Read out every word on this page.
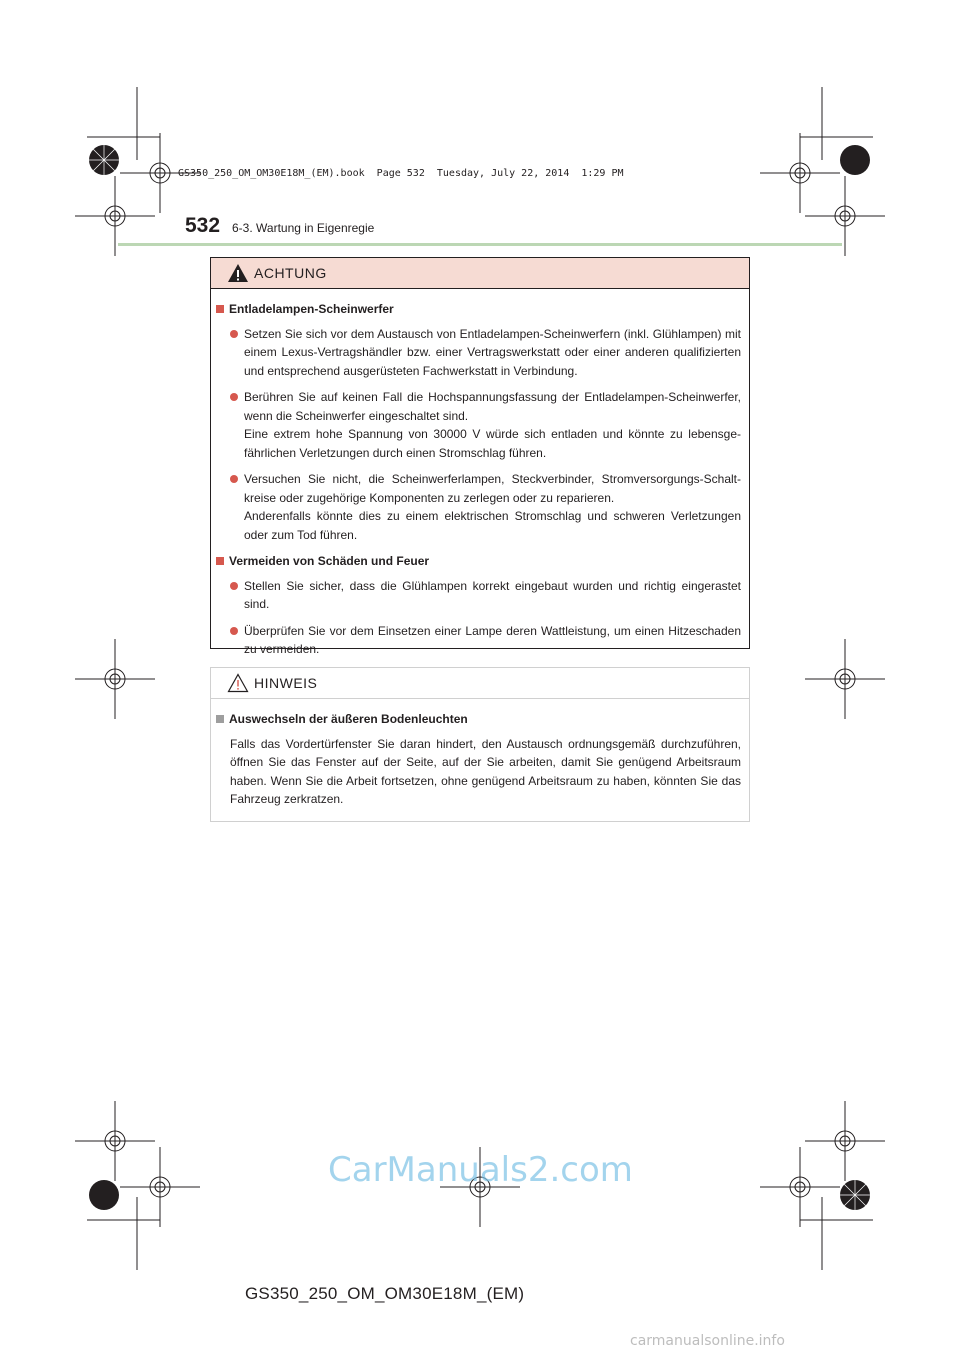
GS350_250_OM_OM30E18M_(EM).book  Page 532  Tuesday, July 22, 2014  1:29 PM
532 6-3. Wartung in Eigenregie
ACHTUNG
Entladelampen-Scheinwerfer
Setzen Sie sich vor dem Austausch von Entladelampen-Scheinwerfern (inkl. Glühlampen) mit einem Lexus-Vertragshändler bzw. einer Vertragswerkstatt oder einer anderen qualifizierten und entsprechend ausgerüsteten Fachwerkstatt in Verbindung.
Berühren Sie auf keinen Fall die Hochspannungsfassung der Entladelampen-Scheinwerfer, wenn die Scheinwerfer eingeschaltet sind.
Eine extrem hohe Spannung von 30000 V würde sich entladen und könnte zu lebensgefährlichen Verletzungen durch einen Stromschlag führen.
Versuchen Sie nicht, die Scheinwerferlampen, Steckverbinder, Stromversorgungs-Schaltkreise oder zugehörige Komponenten zu zerlegen oder zu reparieren.
Anderenfalls könnte dies zu einem elektrischen Stromschlag und schweren Verletzungen oder zum Tod führen.
Vermeiden von Schäden und Feuer
Stellen Sie sicher, dass die Glühlampen korrekt eingebaut wurden und richtig eingerastet sind.
Überprüfen Sie vor dem Einsetzen einer Lampe deren Wattleistung, um einen Hitzeschaden zu vermeiden.
HINWEIS
Auswechseln der äußeren Bodenleuchten
Falls das Vordertürfenster Sie daran hindert, den Austausch ordnungsgemäß durchzuführen, öffnen Sie das Fenster auf der Seite, auf der Sie arbeiten, damit Sie genügend Arbeitsraum haben. Wenn Sie die Arbeit fortsetzen, ohne genügend Arbeitsraum zu haben, könnten Sie das Fahrzeug zerkratzen.
CarManuals2.com
GS350_250_OM_OM30E18M_(EM)
carmanualsonline.info
